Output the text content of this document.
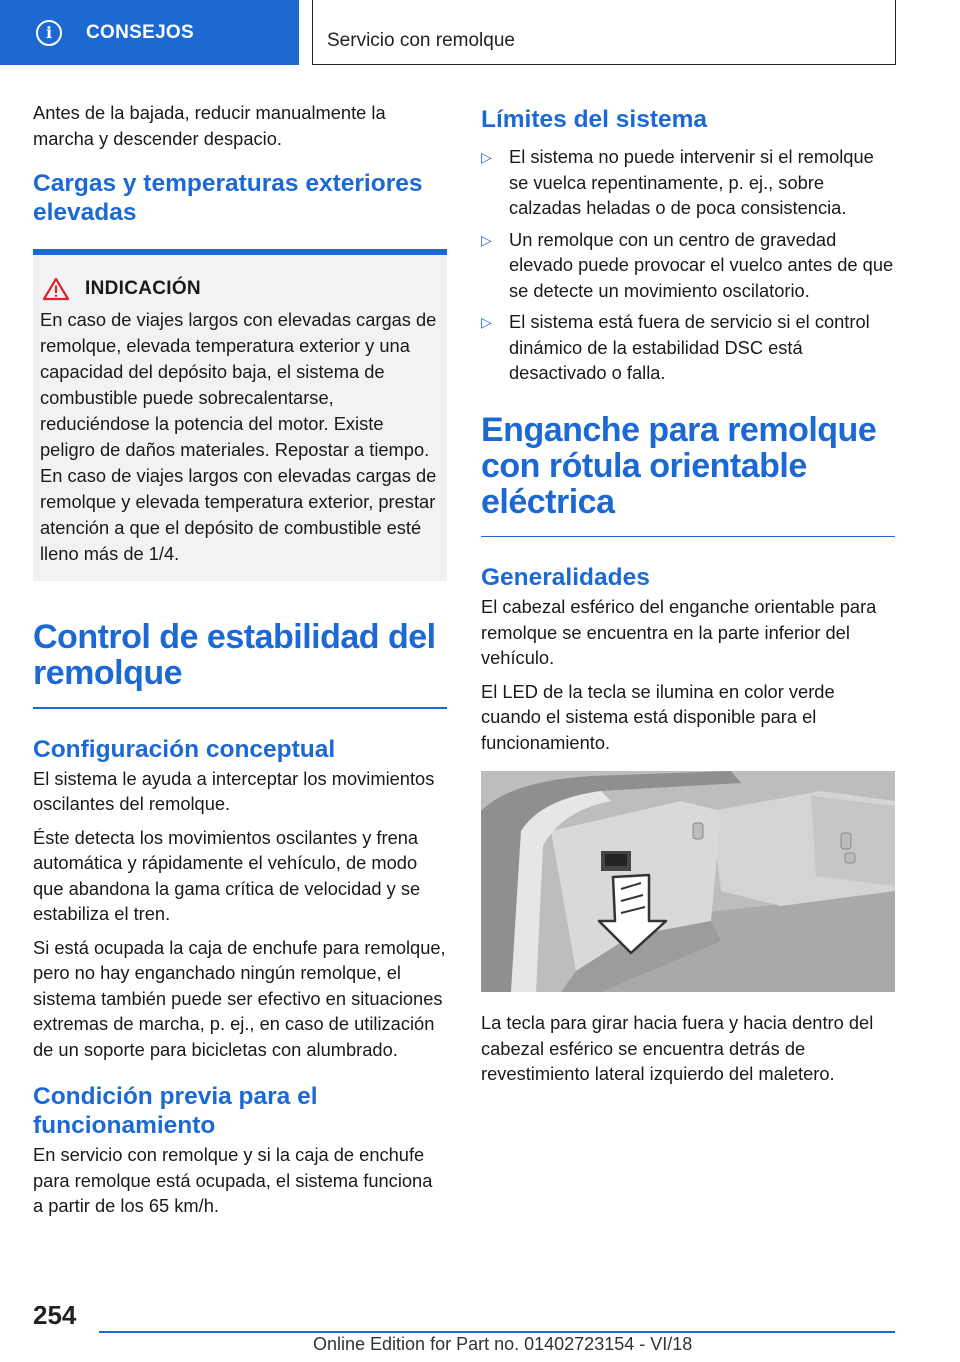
i	CONSEJOS	Servicio con remolque

Antes de la bajada, reducir manualmente la marcha y descender despacio.

Cargas y temperaturas exteriores elevadas
INDICACIÓN

En caso de viajes largos con elevadas cargas de remolque, elevada temperatura exterior y una capacidad del depósito baja, el sistema de combustible puede sobrecalentarse, reduciéndose la potencia del motor. Existe peligro de daños materiales. Repostar a tiempo. En caso de viajes largos con elevadas cargas de remolque y elevada temperatura exterior, prestar atención a que el depósito de combustible esté lleno más de 1/4.

Control de estabilidad del remolque
Configuración conceptual

El sistema le ayuda a interceptar los movimientos oscilantes del remolque.

Éste detecta los movimientos oscilantes y frena automática y rápidamente el vehículo, de modo que abandona la gama crítica de velocidad y se estabiliza el tren.

Si está ocupada la caja de enchufe para remolque, pero no hay enganchado ningún remolque, el sistema también puede ser efectivo en situaciones extremas de marcha, p. ej., en caso de utilización de un soporte para bicicletas con alumbrado.

Condición previa para el funcionamiento

En servicio con remolque y si la caja de enchufe para remolque está ocupada, el sistema funciona a partir de los 65 km/h.

Límites del sistema
▷ El sistema no puede intervenir si el remolque se vuelca repentinamente, p. ej., sobre calzadas heladas o de poca consistencia.
▷ Un remolque con un centro de gravedad elevado puede provocar el vuelco antes de que se detecte un movimiento oscilatorio.
▷ El sistema está fuera de servicio si el control dinámico de la estabilidad DSC está desactivado o falla.
Enganche para remolque con rótula orientable eléctrica
Generalidades

El cabezal esférico del enganche orientable para remolque se encuentra en la parte inferior del vehículo.

El LED de la tecla se ilumina en color verde cuando el sistema está disponible para el funcionamiento.

La tecla para girar hacia fuera y hacia dentro del cabezal esférico se encuentra detrás de revestimiento lateral izquierdo del maletero.

254
Online Edition for Part no. 01402723154 - VI/18
